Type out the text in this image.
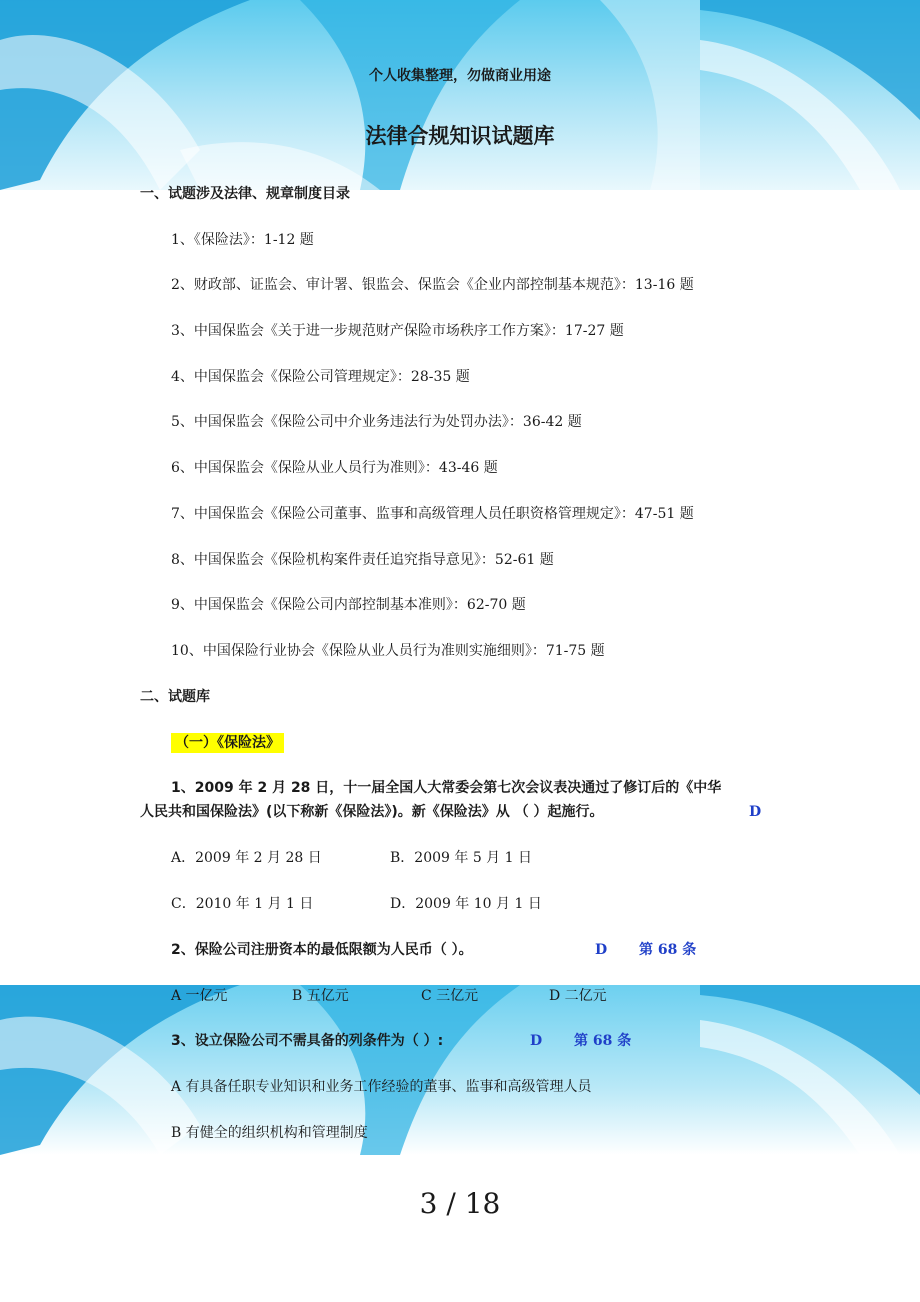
个人收集整理，勿做商业用途
法律合规知识试题库
一、试题涉及法律、规章制度目录
1、《保险法》：1-12 题
2、财政部、证监会、审计署、银监会、保监会《企业内部控制基本规范》：13-16 题
3、中国保监会《关于进一步规范财产保险市场秩序工作方案》：17-27 题
4、中国保监会《保险公司管理规定》：28-35 题
5、中国保监会《保险公司中介业务违法行为处罚办法》：36-42 题
6、中国保监会《保险从业人员行为准则》：43-46 题
7、中国保监会《保险公司董事、监事和高级管理人员任职资格管理规定》：47-51 题
8、中国保监会《保险机构案件责任追究指导意见》：52-61 题
9、中国保监会《保险公司内部控制基本准则》：62-70 题
10、中国保险行业协会《保险从业人员行为准则实施细则》：71-75 题
二、试题库
（一）《保险法》
1、2009 年 2 月 28 日，十一届全国人大常委会第七次会议表决通过了修订后的《中华
人民共和国保险法》(以下称新《保险法》)。新《保险法》从 （ ）起施行。	D
A．2009 年 2 月 28 日	B．2009 年 5 月 1 日
C．2010 年 1 月 1 日	D．2009 年 10 月 1 日
2、保险公司注册资本的最低限额为人民币（ ）。	D 第 68 条
A 一亿元	B 五亿元	C 三亿元	D 二亿元
3、设立保险公司不需具备的列条件为（ ）:	D 第 68 条
A 有具备任职专业知识和业务工作经验的董事、监事和高级管理人员
B 有健全的组织机构和管理制度
3 / 18
